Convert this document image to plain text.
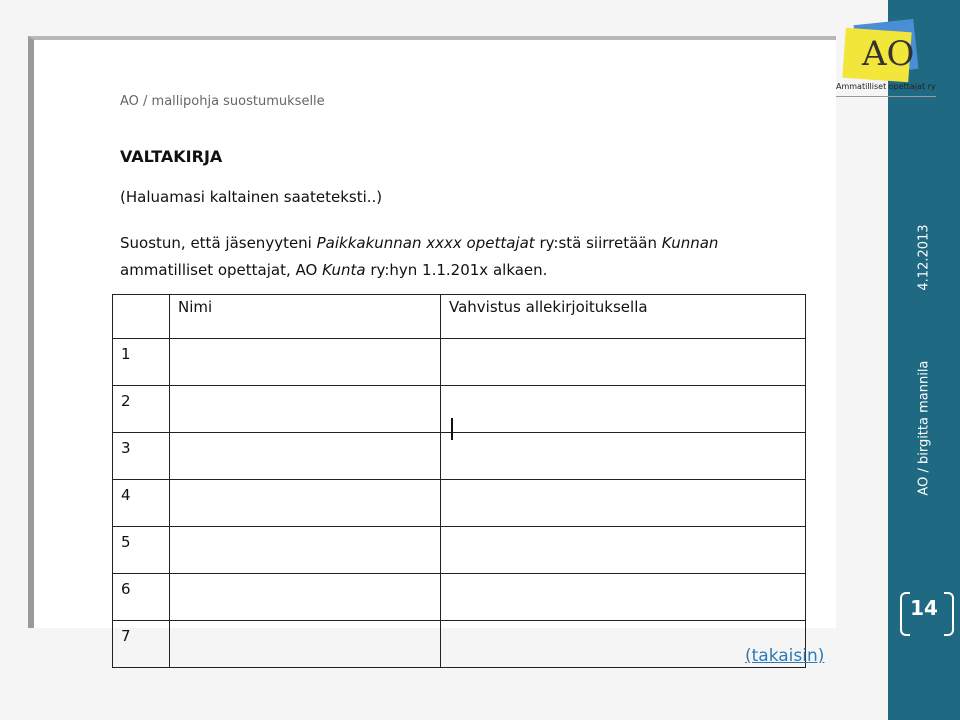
AO / birgitta mannila4.12.2013
14
AO / mallipohja suostumukselle
VALTAKIRJA
(Haluamasi kaltainen saateteksti..)
Suostun, että jäsenyyteni Paikkakunnan xxxx opettajat ry:stä siirretään Kunnan ammatilliset opettajat, AO Kunta ry:hyn 1.1.201x alkaen.
	Nimi	Vahvistus allekirjoituksella
1		
2		
3		
4		
5		
6		
7		
AO
Ammatilliset opettajat ry
(takaisin)
